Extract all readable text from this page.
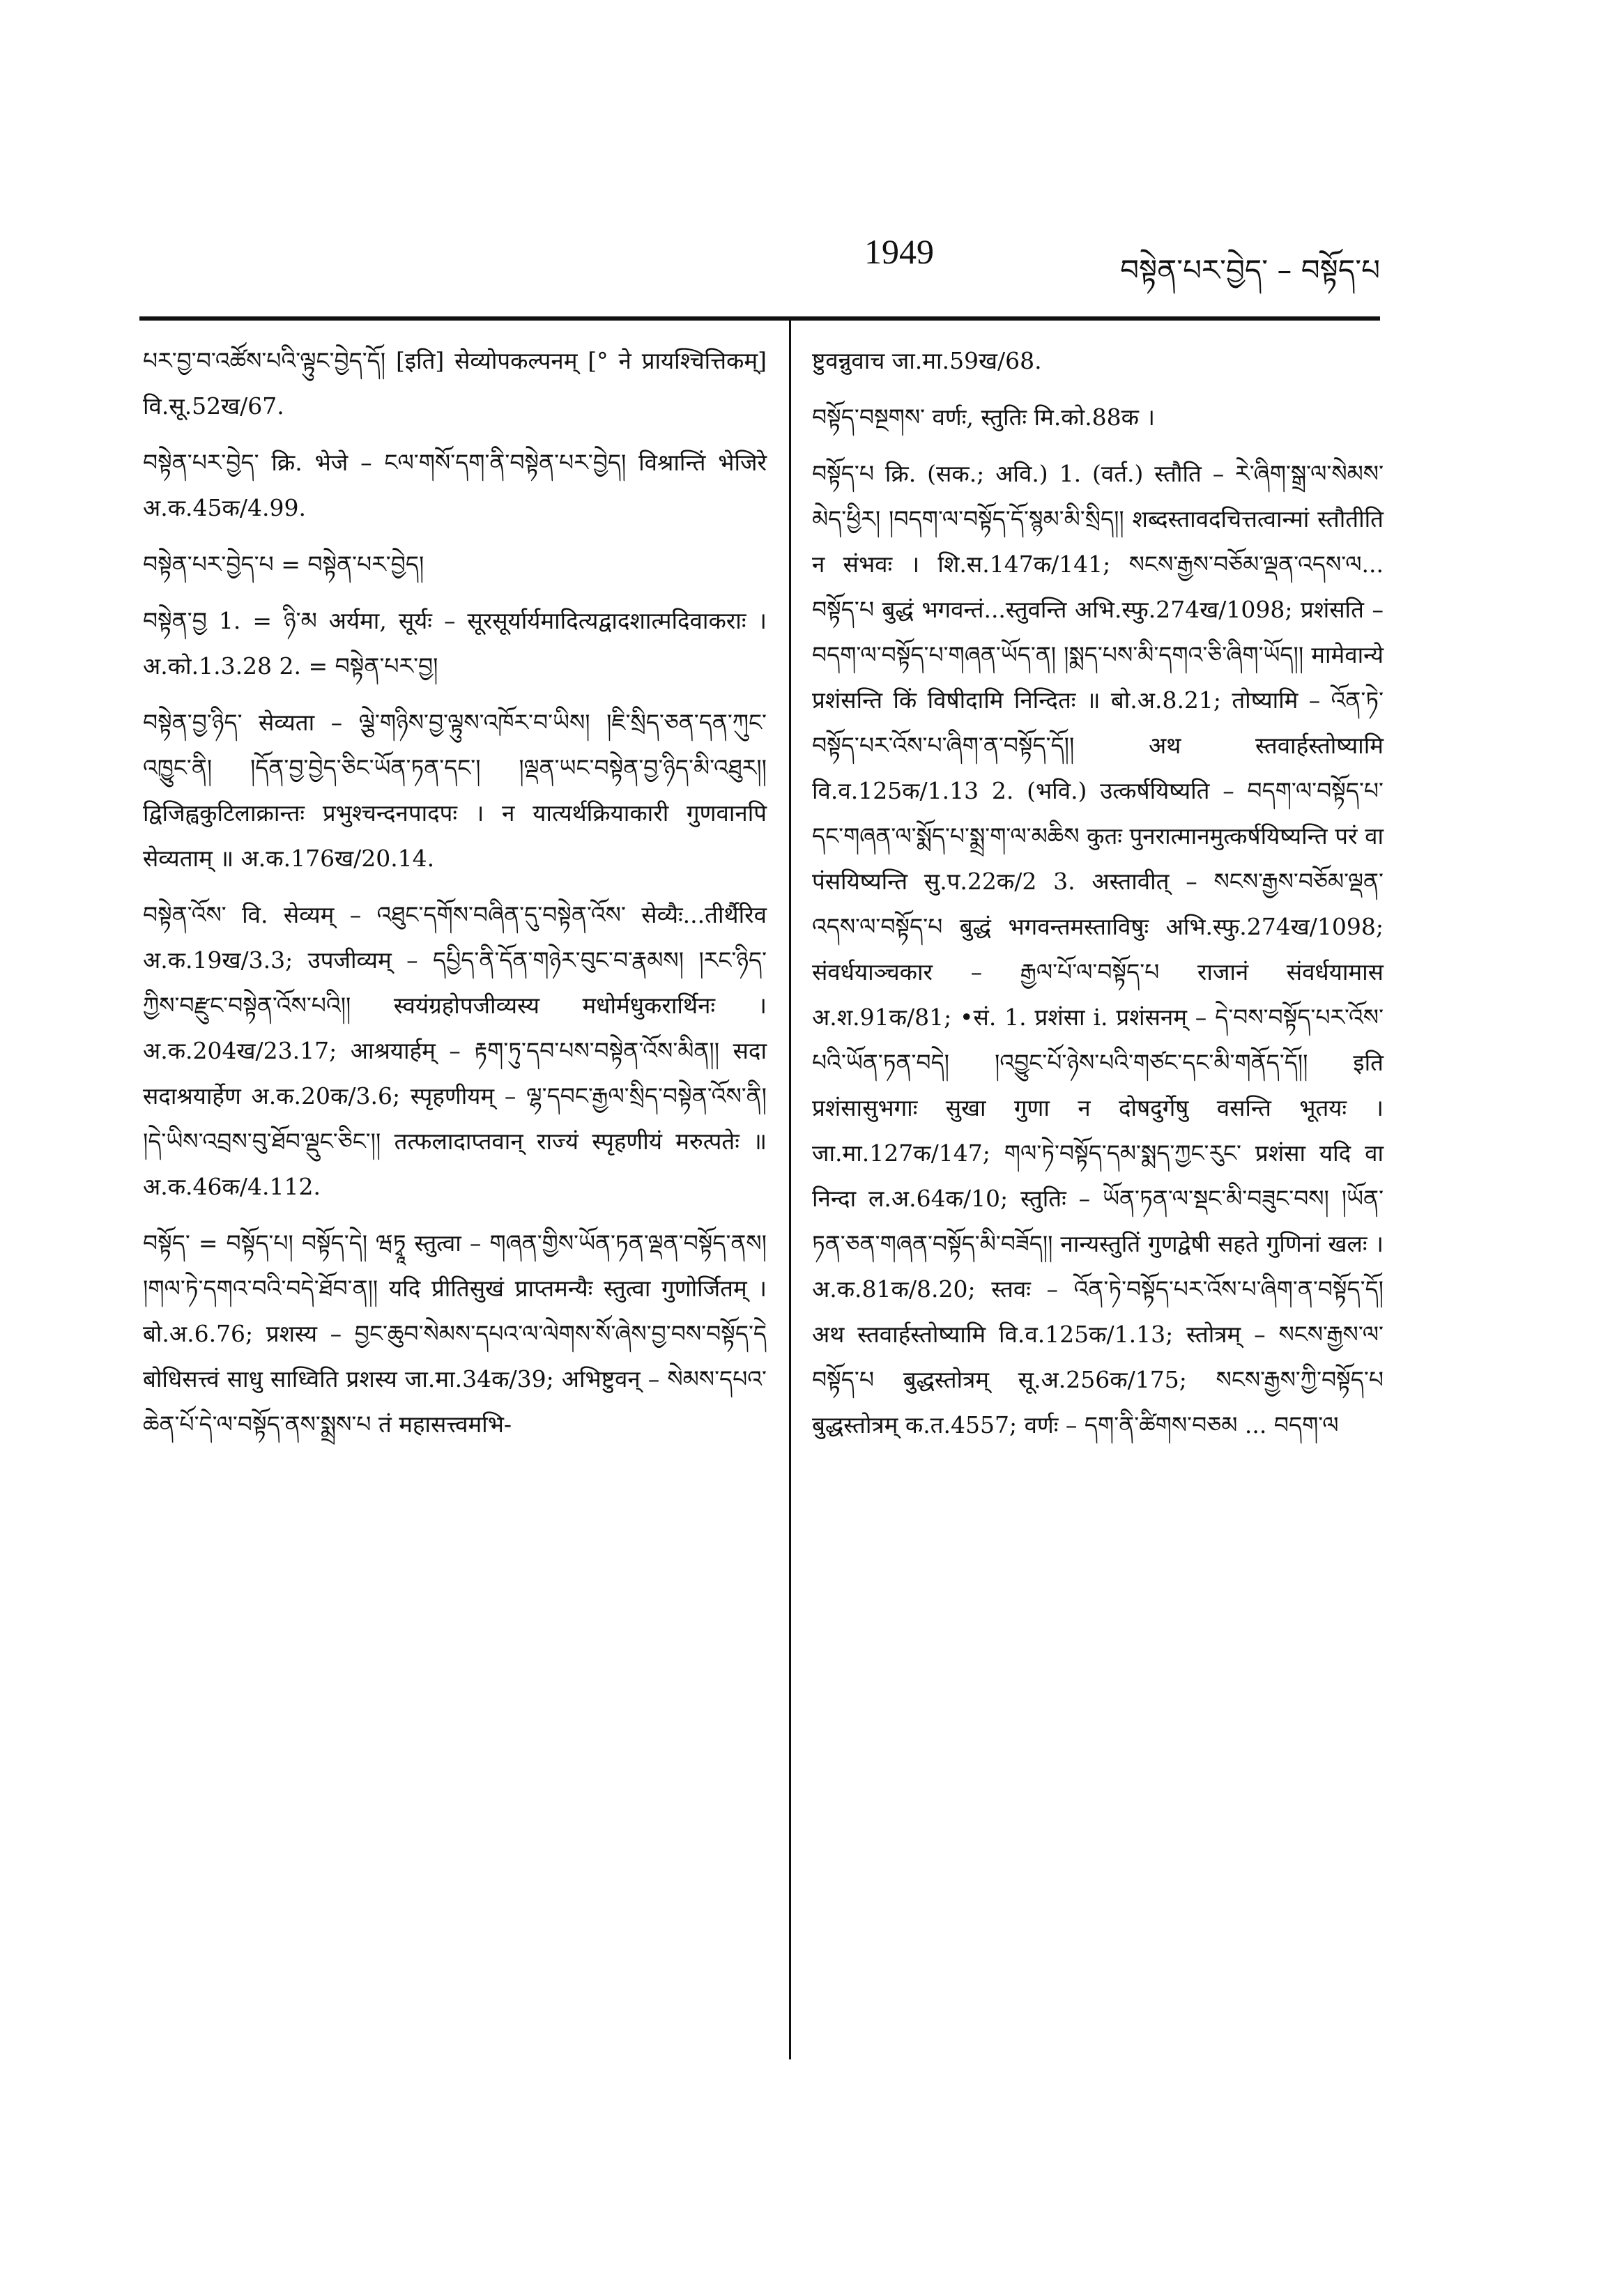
1949	བསྟེན་པར་བྱེད་ – བསྟོད་པ

པར་བྱ་བ་འཚོས་པའི་ལྟུང་བྱེད་དོ། [इति] सेव्योपकल्पनम् [° ने प्रायश्चित्तिकम्] वि.सू.52ख/67.

བསྟེན་པར་བྱེད་ क्रि. भेजे – ངལ་གསོ་དག་ནི་བསྟེན་པར་བྱེད། विश्रान्तिं भेजिरे अ.क.45क/4.99.

བསྟེན་པར་བྱེད་པ = བསྟེན་པར་བྱེད།

བསྟེན་བྱ 1. = ཉི་མ अर्यमा, सूर्यः – सूरसूर्यार्यमादित्यद्वादशात्मदिवाकराः । अ.को.1.3.28 2. = བསྟེན་པར་བྱ།

བསྟེན་བྱ་ཉིད་ सेव्यता – ལྕེ་གཉིས་བྱ་ལྟུས་འཁོར་བ་ཡིས། །ཇི་སྲིད་ཅན་དན་ཀུང་འཁྱུང་ནི། །དོན་བྱ་བྱེད་ཅིང་ཡོན་ཏན་དང་། །ལྡན་ཡང་བསྟེན་བྱ་ཉིད་མི་འཐུར།། द्विजिह्वकुटिलाक्रान्तः प्रभुश्चन्दनपादपः । न यात्यर्थक्रियाकारी गुणवानपि सेव्यताम् ॥ अ.क.176ख/20.14.

བསྟེན་འོས་ वि. सेव्यम् – འཐུང་དགོས་བཞིན་དུ་བསྟེན་འོས་ सेव्यैः...तीर्थैरिव अ.क.19ख/3.3; उपजीव्यम् – དཔྱིད་ནི་དོན་གཉེར་བུང་བ་རྣམས། །རང་ཉིད་ཀྱིས་བརྫུང་བསྟེན་འོས་པའི།། स्वयंग्रहोपजीव्यस्य मधोर्मधुकरार्थिनः । अ.क.204ख/23.17; आश्रयार्हम् – རྟག་ཏུ་དབ་པས་བསྟེན་འོས་མིན།། सदा सदाश्रयार्हेण अ.क.20क/3.6; स्पृहणीयम् – ལྷ་དབང་རྒྱལ་སྲིད་བསྟེན་འོས་ནི། །དེ་ཡིས་འབྲས་བུ་ཐོབ་ལྡུང་ཅིང་།། तत्फलादाप्तवान् राज्यं स्पृहणीयं मरुत्पतेः ॥ अ.क.46क/4.112.

བསྟོད་ = བསྟོད་པ། བསྟོད་དེ། ཝཏྭཱ स्तुत्वा – གཞན་གྱིས་ཡོན་ཏན་ལྡན་བསྟོད་ནས། །གལ་ཏེ་དགའ་བའི་བདེ་ཐོབ་ན།། यदि प्रीतिसुखं प्राप्तमन्यैः स्तुत्वा गुणोर्जितम् । बो.अ.6.76; प्रशस्य – བྱང་ཆུབ་སེམས་དཔའ་ལ་ལེགས་སོ་ཞེས་བྱ་བས་བསྟོད་དེ बोधिसत्त्वं साधु साध्विति प्रशस्य जा.मा.34क/39; अभिष्टुवन् – སེམས་དཔའ་ཆེན་པོ་དེ་ལ་བསྟོད་ནས་སྨྲས་པ तं महासत्त्वमभि-

ष्टुवन्नुवाच जा.मा.59ख/68.

བསྟོད་བསྔགས་ वर्णः, स्तुतिः मि.को.88क ।

བསྟོད་པ क्रि. (सक.; अवि.) 1. (वर्त.) स्तौति – རེ་ཞིག་སྒྲ་ལ་སེམས་མེད་ཕྱིར། །བདག་ལ་བསྟོད་དོ་སྙམ་མི་སྲིད།། शब्दस्तावदचित्तत्वान्मां स्तौतीति न संभवः । शि.स.147क/141; སངས་རྒྱས་བཅོམ་ལྡན་འདས་ལ... བསྟོད་པ बुद्धं भगवन्तं...स्तुवन्ति अभि.स्फु.274ख/1098; प्रशंसति – བདག་ལ་བསྟོད་པ་གཞན་ཡོད་ན། །སྨད་པས་མི་དགའ་ཅི་ཞིག་ཡོད།། मामेवान्ये प्रशंसन्ति किं विषीदामि निन्दितः ॥ बो.अ.8.21; तोष्यामि – འོན་ཏེ་བསྟོད་པར་འོས་པ་ཞིག་ན་བསྟོད་དོ།། अथ स्तवार्हस्तोष्यामि वि.व.125क/1.13 2. (भवि.) उत्कर्षयिष्यति – བདག་ལ་བསྟོད་པ་དང་གཞན་ལ་སྨོད་པ་སྨྲ་ག་ལ་མཆིས कुतः पुनरात्मानमुत्कर्षयिष्यन्ति परं वा पंसयिष्यन्ति सु.प.22क/2 3. अस्तावीत् – སངས་རྒྱས་བཅོམ་ལྡན་འདས་ལ་བསྟོད་པ बुद्धं भगवन्तमस्ताविषुः अभि.स्फु.274ख/1098; संवर्धयाञ्चकार – རྒྱལ་པོ་ལ་བསྟོད་པ राजानं संवर्धयामास अ.श.91क/81; •सं. 1. प्रशंसा i. प्रशंसनम् – དེ་བས་བསྟོད་པར་འོས་པའི་ཡོན་ཏན་བདེ། །འབྱུང་པོ་ཉེས་པའི་གཙང་དང་མི་གནོད་དོ།། इति प्रशंसासुभगाः सुखा गुणा न दोषदुर्गेषु वसन्ति भूतयः । जा.मा.127क/147; གལ་ཏེ་བསྟོད་དམ་སྨད་ཀྱང་རུང་ प्रशंसा यदि वा निन्दा ल.अ.64क/10; स्तुतिः – ཡོན་ཏན་ལ་སྡང་མི་བཟུང་བས། །ཡོན་ཏན་ཅན་གཞན་བསྟོད་མི་བཟོད།། नान्यस्तुतिं गुणद्वेषी सहते गुणिनां खलः । अ.क.81क/8.20; स्तवः – འོན་ཏེ་བསྟོད་པར་འོས་པ་ཞིག་ན་བསྟོད་དོ། अथ स्तवार्हस्तोष्यामि वि.व.125क/1.13; स्तोत्रम् – སངས་རྒྱས་ལ་བསྟོད་པ बुद्धस्तोत्रम् सू.अ.256क/175; སངས་རྒྱས་ཀྱི་བསྟོད་པ बुद्धस्तोत्रम् क.त.4557; वर्णः – དག་ནི་ཚིགས་བཅམ ... བདག་ལ
